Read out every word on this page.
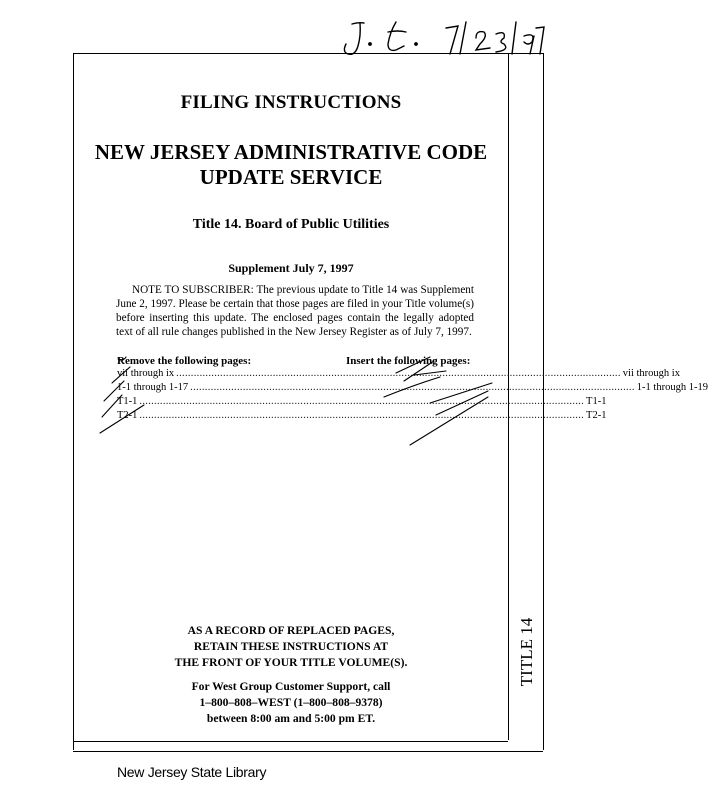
FILING INSTRUCTIONS
NEW JERSEY ADMINISTRATIVE CODE
UPDATE SERVICE
Title 14. Board of Public Utilities
Supplement July 7, 1997
NOTE TO SUBSCRIBER: The previous update to Title 14 was Supplement June 2, 1997. Please be certain that those pages are filed in your Title volume(s) before inserting this update. The enclosed pages contain the legally adopted text of all rule changes published in the New Jersey Register as of July 7, 1997.
Remove the following pages:	Insert the following pages:
vii through ix ........................................................................................................................................................ vii through ix
1-1 through 1-17 ........................................................................................................................................................ 1-1 through 1-19
T1-1 ........................................................................................................................................................ T1-1
T2-1 ........................................................................................................................................................ T2-1
AS A RECORD OF REPLACED PAGES,
RETAIN THESE INSTRUCTIONS AT
THE FRONT OF YOUR TITLE VOLUME(S).
For West Group Customer Support, call
1–800–808–WEST (1–800–808–9378)
between 8:00 am and 5:00 pm ET.
TITLE 14
New Jersey State Library
